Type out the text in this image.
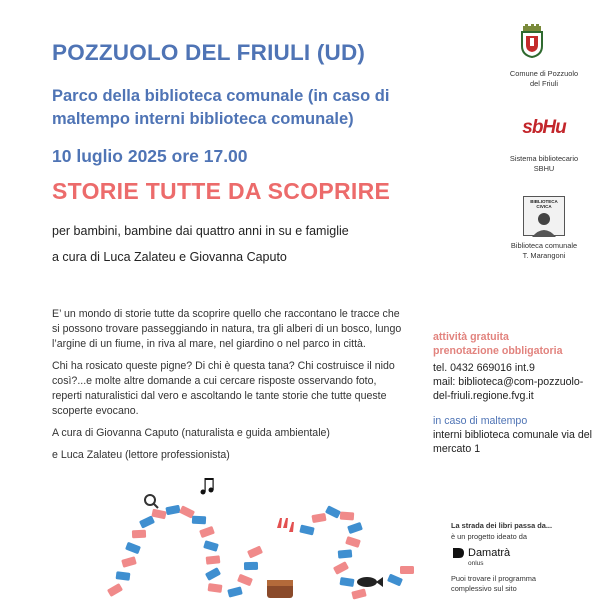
POZZUOLO DEL FRIULI (UD)
Parco della biblioteca comunale (in caso di maltempo interni biblioteca comunale)
10 luglio 2025 ore 17.00
STORIE TUTTE DA SCOPRIRE
per bambini, bambine dai quattro anni in su e famiglie
a cura di Luca Zalateu e Giovanna Caputo

E’ un mondo di storie tutte da scoprire quello che raccontano le tracce che si possono trovare passeggiando in natura, tra gli alberi di un bosco, lungo l’argine di un fiume, in riva al mare, nel giardino o nel parco in città.

Chi ha rosicato queste pigne? Di chi è questa tana? Chi costruisce il nido così?...e molte altre domande a cui cercare risposte osservando foto, reperti naturalistici dal vero e ascoltando le tante storie che tutte queste scoperte evocano.

A cura di Giovanna Caputo (naturalista e guida ambientale)

e Luca Zalateu (lettore professionista)

attività gratuita
prenotazione obbligatoria
tel. 0432 669016 int.9
mail: biblioteca@com-pozzuolo-del-friuli.regione.fvg.it
in caso di maltempo
interni biblioteca comunale via del mercato 1
Comune di Pozzuolo del Friuli
sbHu
Sistema bibliotecario SBHU
BIBLIOTECA CIVICA
Biblioteca comunale T. Marangoni
La strada dei libri passa da...
è un progetto ideato da
Damatrà
onlus
Puoi trovare il programma complessivo sul sito
